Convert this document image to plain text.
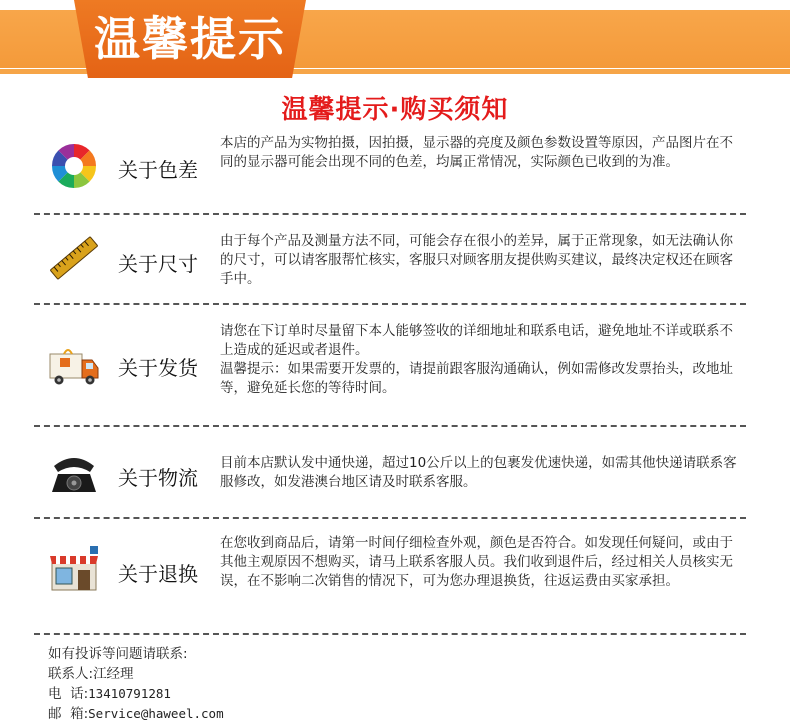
温馨提示
温馨提示·购买须知
关于色差
本店的产品为实物拍摄，因拍摄，显示器的亮度及颜色参数设置等原因，产品图片在不同的显示器可能会出现不同的色差，均属正常情况，实际颜色已收到的为准。
关于尺寸
由于每个产品及测量方法不同，可能会存在很小的差异，属于正常现象，如无法确认你的尺寸，可以请客服帮忙核实，客服只对顾客朋友提供购买建议，最终决定权还在顾客手中。
关于发货
请您在下订单时尽量留下本人能够签收的详细地址和联系电话，避免地址不详或联系不上造成的延迟或者退件。
温馨提示：如果需要开发票的，请提前跟客服沟通确认，例如需修改发票抬头，改地址等，避免延长您的等待时间。
关于物流
目前本店默认发中通快递，超过10公斤以上的包裹发优速快递，如需其他快递请联系客服修改，如发港澳台地区请及时联系客服。
关于退换
在您收到商品后，请第一时间仔细检查外观，颜色是否符合。如发现任何疑问，或由于其他主观原因不想购买，请马上联系客服人员。我们收到退件后，经过相关人员核实无误，在不影响二次销售的情况下，可为您办理退换货，往返运费由买家承担。
如有投诉等问题请联系:
联系人:江经理
电  话:13410791281
邮  箱:Service@haweel.com
